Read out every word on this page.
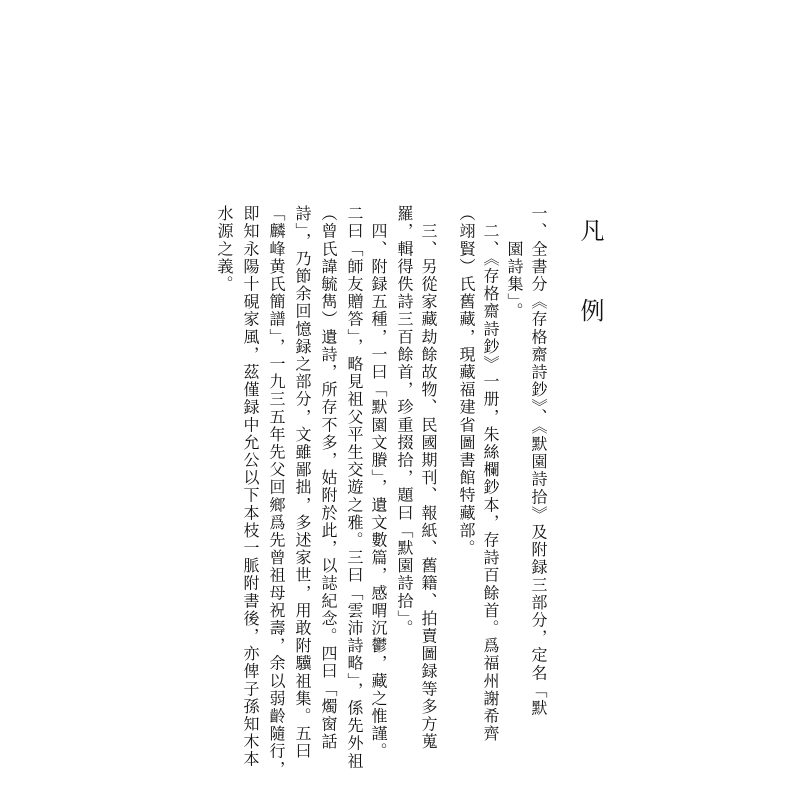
凡　例
一、全書分《存格齋詩鈔》、《默園詩拾》及附録三部分，定名「默
　　園詩集」。
　二、《存格齋詩鈔》一册，朱絲欄鈔本，存詩百餘首。爲福州謝希齊
（翊賢）氏舊藏，現藏福建省圖書館特藏部。
　三、另從家藏劫餘故物、民國期刊、報紙、舊籍、拍賣圖録等多方蒐
羅，輯得佚詩三百餘首，珍重掇拾，題曰「默園詩拾」。
　四、附録五種，一曰「默園文賸」，遺文數篇，感喟沉鬱，藏之惟謹。
二曰「師友贈答」，略見祖父平生交遊之雅。三曰「雲沛詩略」，係先外祖
（曾氏諱毓雋）遺詩，所存不多，姑附於此，以誌紀念。四曰「燭窗話
詩」，乃節余回憶録之部分，文雖鄙拙，多述家世，用敢附驥祖集。五曰
「麟峰黄氏簡譜」，一九三五年先父回鄉爲先曾祖母祝壽，余以弱齡隨行，
即知永陽十硯家風，茲僅録中允公以下本枝一脈附書後，亦俾子孫知木本
水源之義。
